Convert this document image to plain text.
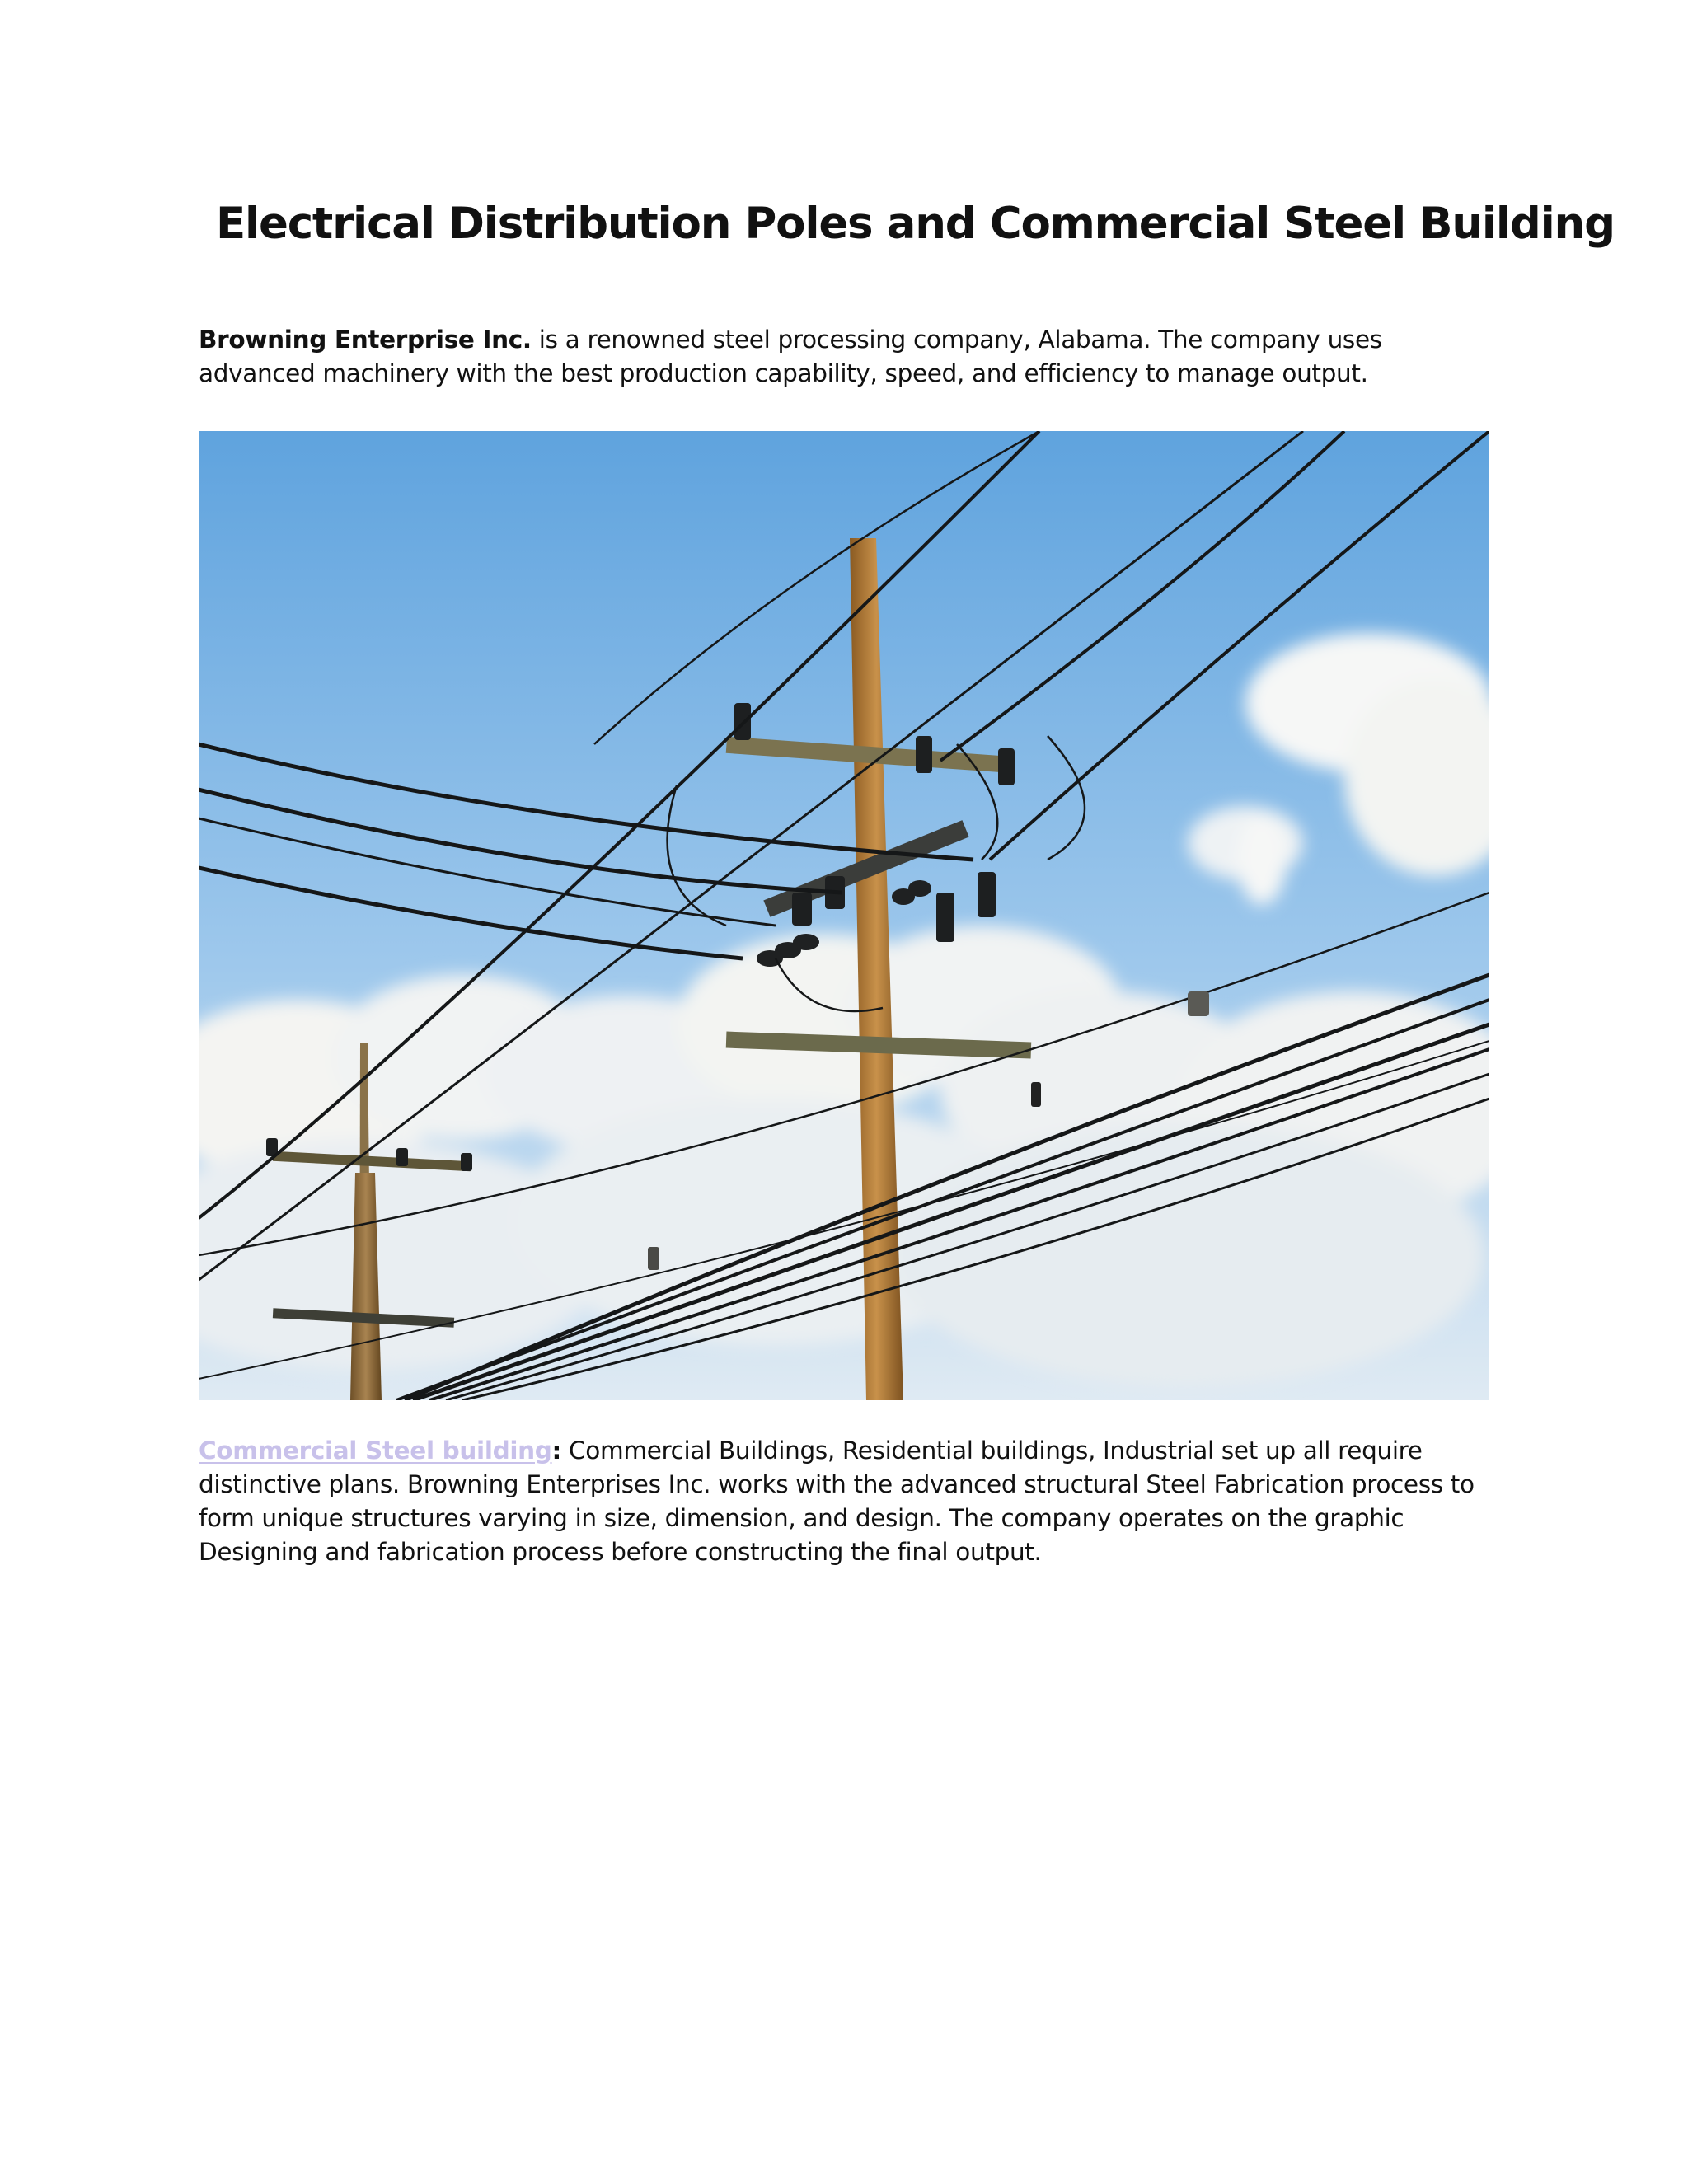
Electrical Distribution Poles and Commercial Steel Building

Browning Enterprise Inc. is a renowned steel processing company, Alabama. The company uses advanced machinery with the best production capability, speed, and efficiency to manage output.

Commercial Steel building: Commercial Buildings, Residential buildings, Industrial set up all require distinctive plans. Browning Enterprises Inc. works with the advanced structural Steel Fabrication process to form unique structures varying in size, dimension, and design. The company operates on the graphic Designing and fabrication process before constructing the final output.
